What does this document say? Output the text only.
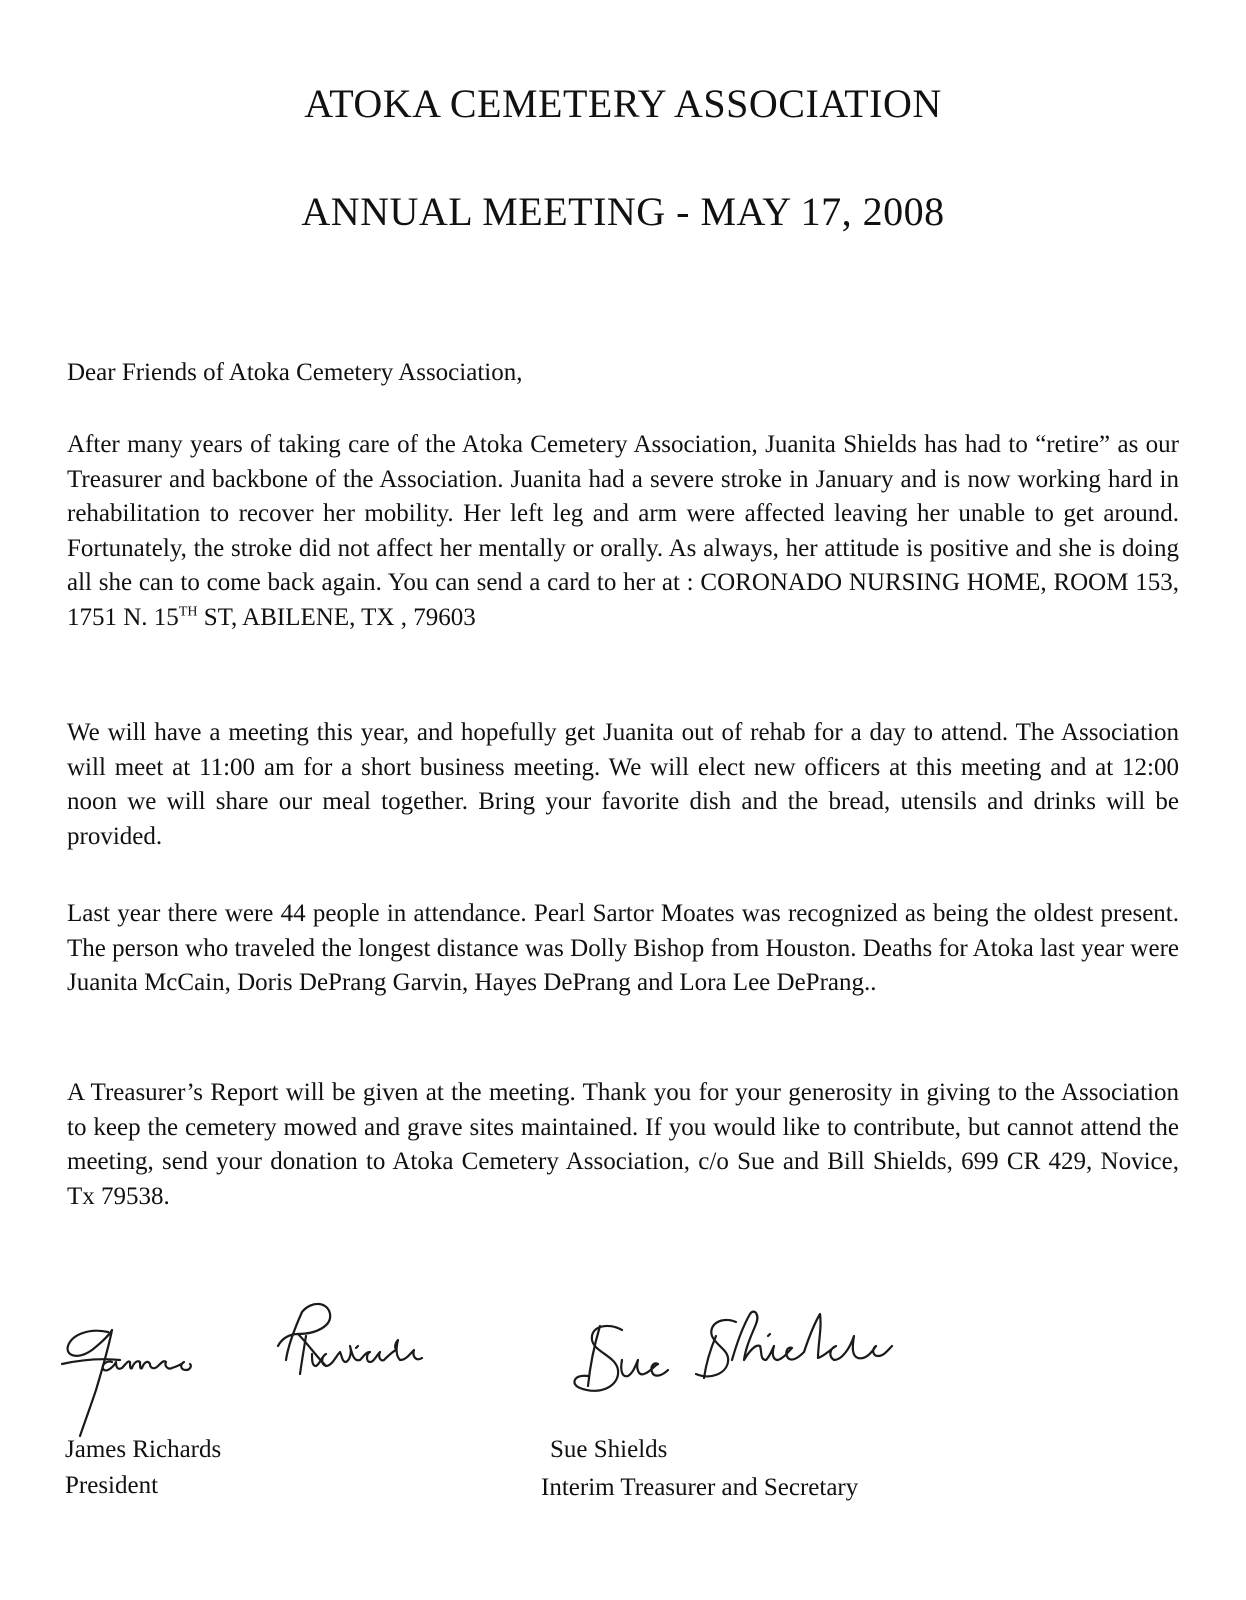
ATOKA CEMETERY ASSOCIATION
ANNUAL MEETING - MAY 17, 2008

Dear Friends of Atoka Cemetery Association,

After many years of taking care of the Atoka Cemetery Association, Juanita Shields has had to “retire” as our Treasurer and backbone of the Association. Juanita had a severe stroke in January and is now working hard in rehabilitation to recover her mobility. Her left leg and arm were affected leaving her unable to get around. Fortunately, the stroke did not affect her mentally or orally. As always, her attitude is positive and she is doing all she can to come back again. You can send a card to her at : CORONADO NURSING HOME, ROOM 153, 1751 N. 15TH ST, ABILENE, TX , 79603

We will have a meeting this year, and hopefully get Juanita out of rehab for a day to attend. The Association will meet at 11:00 am for a short business meeting. We will elect new officers at this meeting and at 12:00 noon we will share our meal together. Bring your favorite dish and the bread, utensils and drinks will be provided.

Last year there were 44 people in attendance. Pearl Sartor Moates was recognized as being the oldest present. The person who traveled the longest distance was Dolly Bishop from Houston. Deaths for Atoka last year were Juanita McCain, Doris DePrang Garvin, Hayes DePrang and Lora Lee DePrang..

A Treasurer’s Report will be given at the meeting. Thank you for your generosity in giving to the Association to keep the cemetery mowed and grave sites maintained. If you would like to contribute, but cannot attend the meeting, send your donation to Atoka Cemetery Association, c/o Sue and Bill Shields, 699 CR 429, Novice, Tx 79538.

James Richards

President

Sue Shields

Interim Treasurer and Secretary
